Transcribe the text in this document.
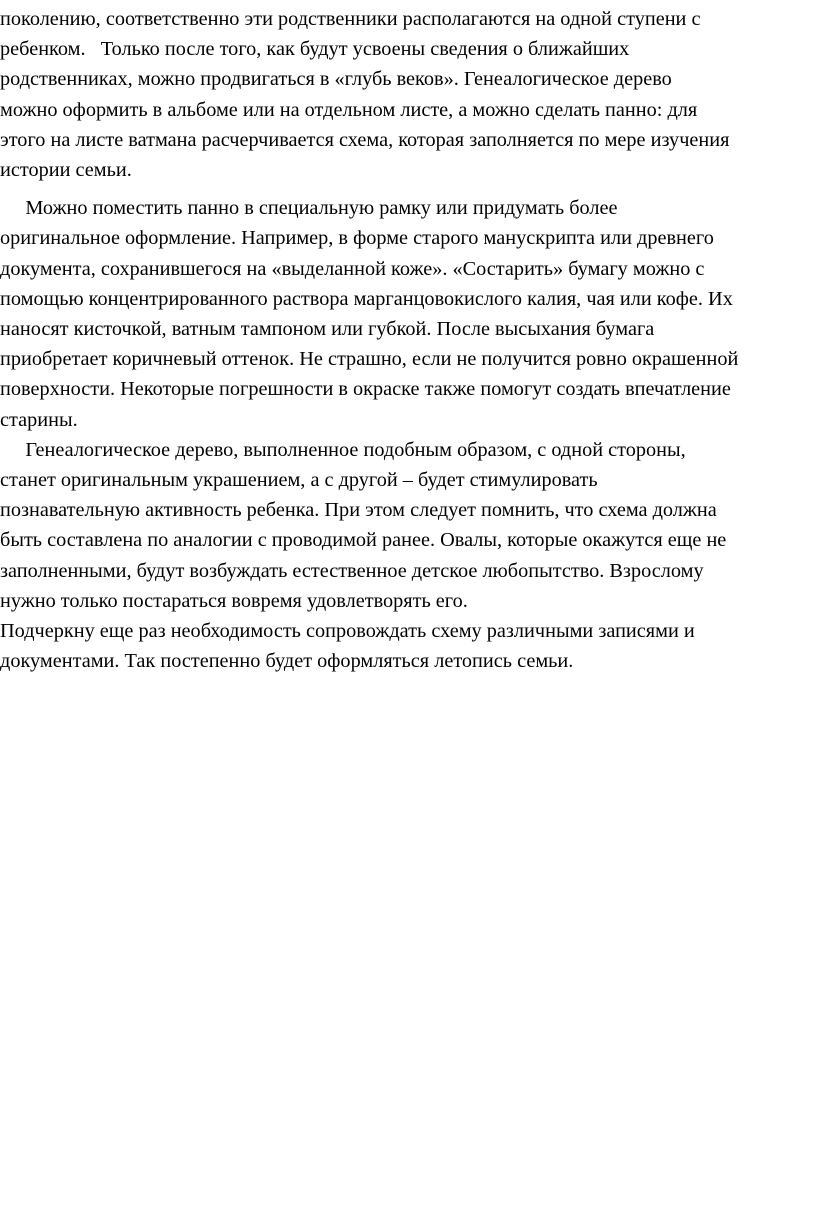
поколению, соответственно эти родственники располагаются на одной ступени с
ребенком.   Только после того, как будут усвоены сведения о ближайших
родственниках, можно продвигаться в «глубь веков». Генеалогическое дерево
можно оформить в альбоме или на отдельном листе, а можно сделать панно: для
этого на листе ватмана расчерчивается схема, которая заполняется по мере изучения
истории семьи.

Можно поместить панно в специальную рамку или придумать более
оригинальное оформление. Например, в форме старого манускрипта или древнего
документа, сохранившегося на «выделанной коже». «Состарить» бумагу можно с
помощью концентрированного раствора марганцовокислого калия, чая или кофе. Их
наносят кисточкой, ватным тампоном или губкой. После высыхания бумага
приобретает коричневый оттенок. Не страшно, если не получится ровно окрашенной
поверхности. Некоторые погрешности в окраске также помогут создать впечатление
старины.

Генеалогическое дерево, выполненное подобным образом, с одной стороны,
станет оригинальным украшением, а с другой – будет стимулировать
познавательную активность ребенка. При этом следует помнить, что схема должна
быть составлена по аналогии с проводимой ранее. Овалы, которые окажутся еще не
заполненными, будут возбуждать естественное детское любопытство. Взрослому
нужно только постараться вовремя удовлетворять его.

Подчеркну еще раз необходимость сопровождать схему различными записями и
документами. Так постепенно будет оформляться летопись семьи.
